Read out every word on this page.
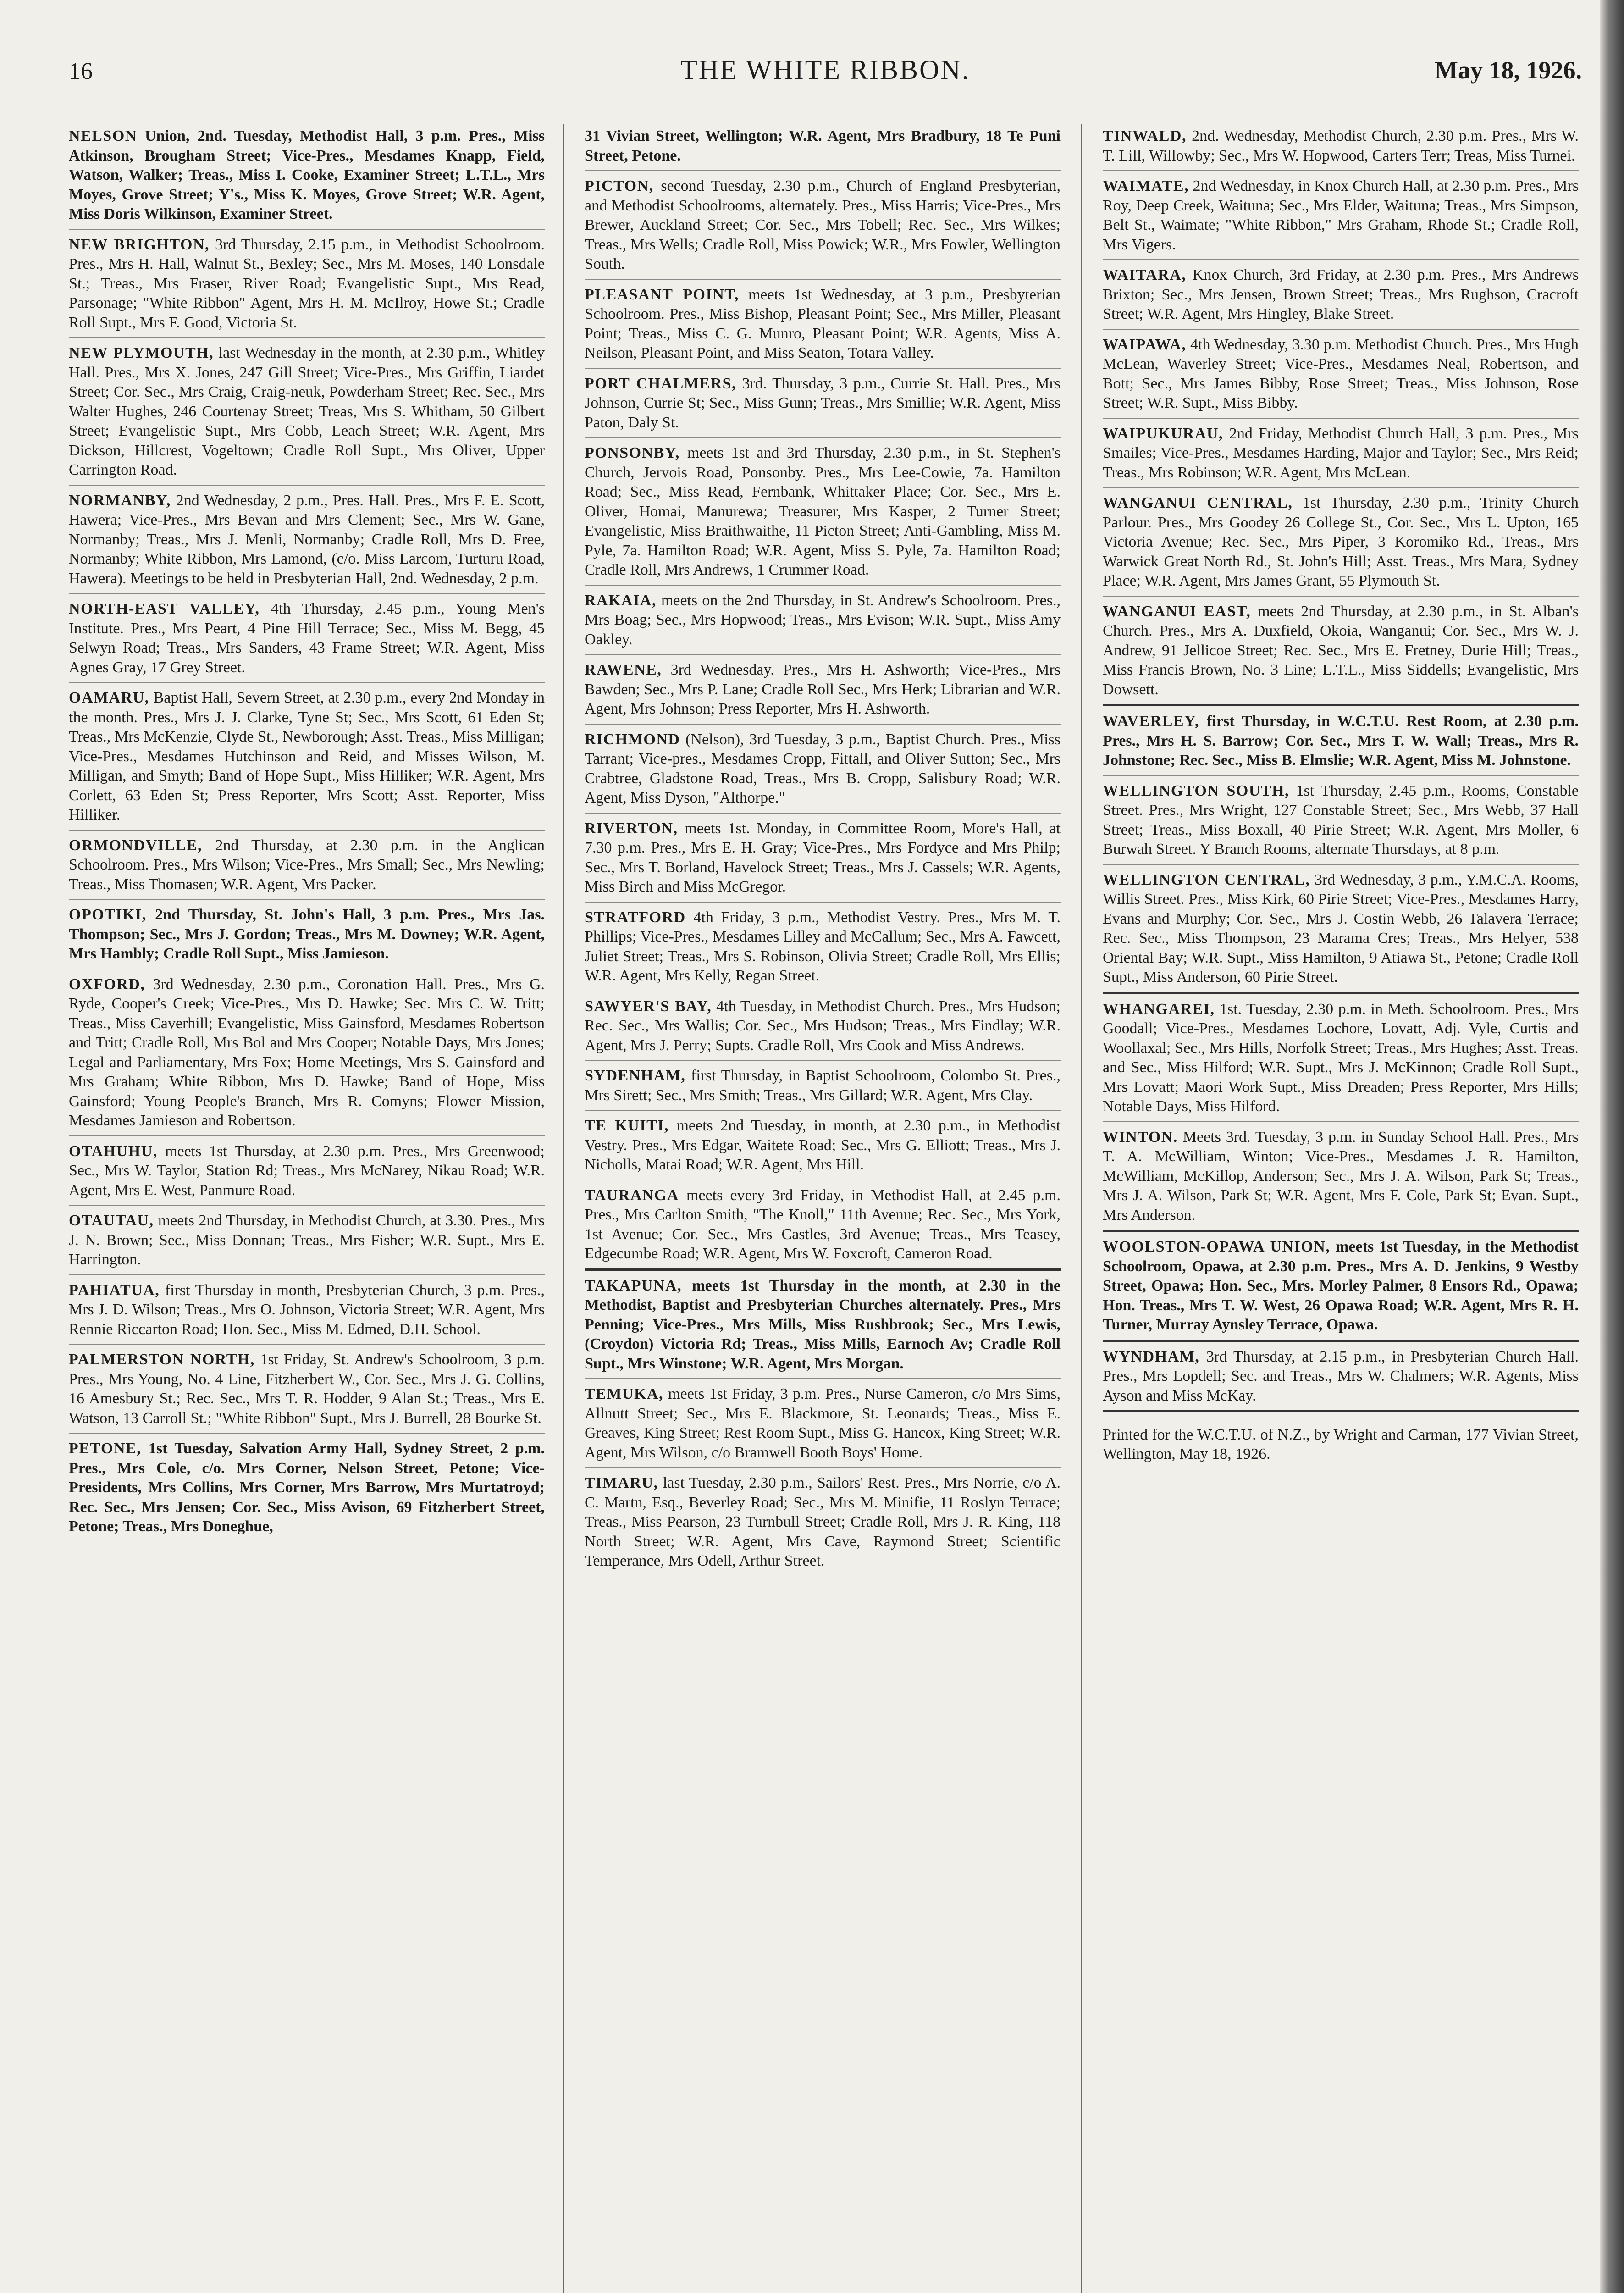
16	THE WHITE RIBBON.	May 18, 1926.
NELSON Union, 2nd. Tuesday, Methodist Hall, 3 p.m. Pres., Miss Atkinson, Brougham Street; Vice-Pres., Mesdames Knapp, Field, Watson, Walker; Treas., Miss I. Cooke, Examiner Street; L.T.L., Mrs Moyes, Grove Street; Y's., Miss K. Moyes, Grove Street; W.R. Agent, Miss Doris Wilkinson, Examiner Street.
NEW BRIGHTON, 3rd Thursday, 2.15 p.m., in Methodist Schoolroom. Pres., Mrs H. Hall, Walnut St., Bexley; Sec., Mrs M. Moses, 140 Lonsdale St.; Treas., Mrs Fraser, River Road; Evangelistic Supt., Mrs Read, Parsonage; "White Ribbon" Agent, Mrs H. M. McIlroy, Howe St.; Cradle Roll Supt., Mrs F. Good, Victoria St.
NEW PLYMOUTH, last Wednesday in the month, at 2.30 p.m., Whitley Hall. Pres., Mrs X. Jones, 247 Gill Street; Vice-Pres., Mrs Griffin, Liardet Street; Cor. Sec., Mrs Craig, Craig-neuk, Powderham Street; Rec. Sec., Mrs Walter Hughes, 246 Courtenay Street; Treas, Mrs S. Whitham, 50 Gilbert Street; Evangelistic Supt., Mrs Cobb, Leach Street; W.R. Agent, Mrs Dickson, Hillcrest, Vogeltown; Cradle Roll Supt., Mrs Oliver, Upper Carrington Road.
NORMANBY, 2nd Wednesday, 2 p.m., Pres. Hall. Pres., Mrs F. E. Scott, Hawera; Vice-Pres., Mrs Bevan and Mrs Clement; Sec., Mrs W. Gane, Normanby; Treas., Mrs J. Menli, Normanby; Cradle Roll, Mrs D. Free, Normanby; White Ribbon, Mrs Lamond, (c/o. Miss Larcom, Turturu Road, Hawera). Meetings to be held in Presbyterian Hall, 2nd. Wednesday, 2 p.m.
NORTH-EAST VALLEY, 4th Thursday, 2.45 p.m., Young Men's Institute. Pres., Mrs Peart, 4 Pine Hill Terrace; Sec., Miss M. Begg, 45 Selwyn Road; Treas., Mrs Sanders, 43 Frame Street; W.R. Agent, Miss Agnes Gray, 17 Grey Street.
OAMARU, Baptist Hall, Severn Street, at 2.30 p.m., every 2nd Monday in the month. Pres., Mrs J. J. Clarke, Tyne St; Sec., Mrs Scott, 61 Eden St; Treas., Mrs McKenzie, Clyde St., Newborough; Asst. Treas., Miss Milligan; Vice-Pres., Mesdames Hutchinson and Reid, and Misses Wilson, M. Milligan, and Smyth; Band of Hope Supt., Miss Hilliker; W.R. Agent, Mrs Corlett, 63 Eden St; Press Reporter, Mrs Scott; Asst. Reporter, Miss Hilliker.
ORMONDVILLE, 2nd Thursday, at 2.30 p.m. in the Anglican Schoolroom. Pres., Mrs Wilson; Vice-Pres., Mrs Small; Sec., Mrs Newling; Treas., Miss Thomasen; W.R. Agent, Mrs Packer.
OPOTIKI, 2nd Thursday, St. John's Hall, 3 p.m. Pres., Mrs Jas. Thompson; Sec., Mrs J. Gordon; Treas., Mrs M. Downey; W.R. Agent, Mrs Hambly; Cradle Roll Supt., Miss Jamieson.
OXFORD, 3rd Wednesday, 2.30 p.m., Coronation Hall. Pres., Mrs G. Ryde, Cooper's Creek; Vice-Pres., Mrs D. Hawke; Sec. Mrs C. W. Tritt; Treas., Miss Caverhill; Evangelistic, Miss Gainsford, Mesdames Robertson and Tritt; Cradle Roll, Mrs Bol and Mrs Cooper; Notable Days, Mrs Jones; Legal and Parliamentary, Mrs Fox; Home Meetings, Mrs S. Gainsford and Mrs Graham; White Ribbon, Mrs D. Hawke; Band of Hope, Miss Gainsford; Young People's Branch, Mrs R. Comyns; Flower Mission, Mesdames Jamieson and Robertson.
OTAHUHU, meets 1st Thursday, at 2.30 p.m. Pres., Mrs Greenwood; Sec., Mrs W. Taylor, Station Rd; Treas., Mrs McNarey, Nikau Road; W.R. Agent, Mrs E. West, Panmure Road.
OTAUTAU, meets 2nd Thursday, in Methodist Church, at 3.30. Pres., Mrs J. N. Brown; Sec., Miss Donnan; Treas., Mrs Fisher; W.R. Supt., Mrs E. Harrington.
PAHIATUA, first Thursday in month, Presbyterian Church, 3 p.m. Pres., Mrs J. D. Wilson; Treas., Mrs O. Johnson, Victoria Street; W.R. Agent, Mrs Rennie Riccarton Road; Hon. Sec., Miss M. Edmed, D.H. School.
PALMERSTON NORTH, 1st Friday, St. Andrew's Schoolroom, 3 p.m. Pres., Mrs Young, No. 4 Line, Fitzherbert W., Cor. Sec., Mrs J. G. Collins, 16 Amesbury St.; Rec. Sec., Mrs T. R. Hodder, 9 Alan St.; Treas., Mrs E. Watson, 13 Carroll St.; "White Ribbon" Supt., Mrs J. Burrell, 28 Bourke St.
PETONE, 1st Tuesday, Salvation Army Hall, Sydney Street, 2 p.m. Pres., Mrs Cole, c/o. Mrs Corner, Nelson Street, Petone; Vice-Presidents, Mrs Collins, Mrs Corner, Mrs Barrow, Mrs Murtatroyd; Rec. Sec., Mrs Jensen; Cor. Sec., Miss Avison, 69 Fitzherbert Street, Petone; Treas., Mrs Doneghue,
31 Vivian Street, Wellington; W.R. Agent, Mrs Bradbury, 18 Te Puni Street, Petone.
PICTON, second Tuesday, 2.30 p.m., Church of England Presbyterian, and Methodist Schoolrooms, alternately. Pres., Miss Harris; Vice-Pres., Mrs Brewer, Auckland Street; Cor. Sec., Mrs Tobell; Rec. Sec., Mrs Wilkes; Treas., Mrs Wells; Cradle Roll, Miss Powick; W.R., Mrs Fowler, Wellington South.
PLEASANT POINT, meets 1st Wednesday, at 3 p.m., Presbyterian Schoolroom. Pres., Miss Bishop, Pleasant Point; Sec., Mrs Miller, Pleasant Point; Treas., Miss C. G. Munro, Pleasant Point; W.R. Agents, Miss A. Neilson, Pleasant Point, and Miss Seaton, Totara Valley.
PORT CHALMERS, 3rd. Thursday, 3 p.m., Currie St. Hall. Pres., Mrs Johnson, Currie St; Sec., Miss Gunn; Treas., Mrs Smillie; W.R. Agent, Miss Paton, Daly St.
PONSONBY, meets 1st and 3rd Thursday, 2.30 p.m., in St. Stephen's Church, Jervois Road, Ponsonby. Pres., Mrs Lee-Cowie, 7a. Hamilton Road; Sec., Miss Read, Fernbank, Whittaker Place; Cor. Sec., Mrs E. Oliver, Homai, Manurewa; Treasurer, Mrs Kasper, 2 Turner Street; Evangelistic, Miss Braithwaithe, 11 Picton Street; Anti-Gambling, Miss M. Pyle, 7a. Hamilton Road; W.R. Agent, Miss S. Pyle, 7a. Hamilton Road; Cradle Roll, Mrs Andrews, 1 Crummer Road.
RAKAIA, meets on the 2nd Thursday, in St. Andrew's Schoolroom. Pres., Mrs Boag; Sec., Mrs Hopwood; Treas., Mrs Evison; W.R. Supt., Miss Amy Oakley.
RAWENE, 3rd Wednesday. Pres., Mrs H. Ashworth; Vice-Pres., Mrs Bawden; Sec., Mrs P. Lane; Cradle Roll Sec., Mrs Herk; Librarian and W.R. Agent, Mrs Johnson; Press Reporter, Mrs H. Ashworth.
RICHMOND (Nelson), 3rd Tuesday, 3 p.m., Baptist Church. Pres., Miss Tarrant; Vice-pres., Mesdames Cropp, Fittall, and Oliver Sutton; Sec., Mrs Crabtree, Gladstone Road, Treas., Mrs B. Cropp, Salisbury Road; W.R. Agent, Miss Dyson, "Althorpe."
RIVERTON, meets 1st. Monday, in Committee Room, More's Hall, at 7.30 p.m. Pres., Mrs E. H. Gray; Vice-Pres., Mrs Fordyce and Mrs Philp; Sec., Mrs T. Borland, Havelock Street; Treas., Mrs J. Cassels; W.R. Agents, Miss Birch and Miss McGregor.
STRATFORD 4th Friday, 3 p.m., Methodist Vestry. Pres., Mrs M. T. Phillips; Vice-Pres., Mesdames Lilley and McCallum; Sec., Mrs A. Fawcett, Juliet Street; Treas., Mrs S. Robinson, Olivia Street; Cradle Roll, Mrs Ellis; W.R. Agent, Mrs Kelly, Regan Street.
SAWYER'S BAY, 4th Tuesday, in Methodist Church. Pres., Mrs Hudson; Rec. Sec., Mrs Wallis; Cor. Sec., Mrs Hudson; Treas., Mrs Findlay; W.R. Agent, Mrs J. Perry; Supts. Cradle Roll, Mrs Cook and Miss Andrews.
SYDENHAM, first Thursday, in Baptist Schoolroom, Colombo St. Pres., Mrs Sirett; Sec., Mrs Smith; Treas., Mrs Gillard; W.R. Agent, Mrs Clay.
TE KUITI, meets 2nd Tuesday, in month, at 2.30 p.m., in Methodist Vestry. Pres., Mrs Edgar, Waitete Road; Sec., Mrs G. Elliott; Treas., Mrs J. Nicholls, Matai Road; W.R. Agent, Mrs Hill.
TAURANGA meets every 3rd Friday, in Methodist Hall, at 2.45 p.m. Pres., Mrs Carlton Smith, "The Knoll," 11th Avenue; Rec. Sec., Mrs York, 1st Avenue; Cor. Sec., Mrs Castles, 3rd Avenue; Treas., Mrs Teasey, Edgecumbe Road; W.R. Agent, Mrs W. Foxcroft, Cameron Road.
TAKAPUNA, meets 1st Thursday in the month, at 2.30 in the Methodist, Baptist and Presbyterian Churches alternately. Pres., Mrs Penning; Vice-Pres., Mrs Mills, Miss Rushbrook; Sec., Mrs Lewis, (Croydon) Victoria Rd; Treas., Miss Mills, Earnoch Av; Cradle Roll Supt., Mrs Winstone; W.R. Agent, Mrs Morgan.
TEMUKA, meets 1st Friday, 3 p.m. Pres., Nurse Cameron, c/o Mrs Sims, Allnutt Street; Sec., Mrs E. Blackmore, St. Leonards; Treas., Miss E. Greaves, King Street; Rest Room Supt., Miss G. Hancox, King Street; W.R. Agent, Mrs Wilson, c/o Bramwell Booth Boys' Home.
TIMARU, last Tuesday, 2.30 p.m., Sailors' Rest. Pres., Mrs Norrie, c/o A. C. Martn, Esq., Beverley Road; Sec., Mrs M. Minifie, 11 Roslyn Terrace; Treas., Miss Pearson, 23 Turnbull Street; Cradle Roll, Mrs J. R. King, 118 North Street; W.R. Agent, Mrs Cave, Raymond Street; Scientific Temperance, Mrs Odell, Arthur Street.
TINWALD, 2nd. Wednesday, Methodist Church, 2.30 p.m. Pres., Mrs W. T. Lill, Willowby; Sec., Mrs W. Hopwood, Carters Terr; Treas, Miss Turnei.
WAIMATE, 2nd Wednesday, in Knox Church Hall, at 2.30 p.m. Pres., Mrs Roy, Deep Creek, Waituna; Sec., Mrs Elder, Waituna; Treas., Mrs Simpson, Belt St., Waimate; "White Ribbon," Mrs Graham, Rhode St.; Cradle Roll, Mrs Vigers.
WAITARA, Knox Church, 3rd Friday, at 2.30 p.m. Pres., Mrs Andrews Brixton; Sec., Mrs Jensen, Brown Street; Treas., Mrs Rughson, Cracroft Street; W.R. Agent, Mrs Hingley, Blake Street.
WAIPAWA, 4th Wednesday, 3.30 p.m. Methodist Church. Pres., Mrs Hugh McLean, Waverley Street; Vice-Pres., Mesdames Neal, Robertson, and Bott; Sec., Mrs James Bibby, Rose Street; Treas., Miss Johnson, Rose Street; W.R. Supt., Miss Bibby.
WAIPUKURAU, 2nd Friday, Methodist Church Hall, 3 p.m. Pres., Mrs Smailes; Vice-Pres., Mesdames Harding, Major and Taylor; Sec., Mrs Reid; Treas., Mrs Robinson; W.R. Agent, Mrs McLean.
WANGANUI CENTRAL, 1st Thursday, 2.30 p.m., Trinity Church Parlour. Pres., Mrs Goodey 26 College St., Cor. Sec., Mrs L. Upton, 165 Victoria Avenue; Rec. Sec., Mrs Piper, 3 Koromiko Rd., Treas., Mrs Warwick Great North Rd., St. John's Hill; Asst. Treas., Mrs Mara, Sydney Place; W.R. Agent, Mrs James Grant, 55 Plymouth St.
WANGANUI EAST, meets 2nd Thursday, at 2.30 p.m., in St. Alban's Church. Pres., Mrs A. Duxfield, Okoia, Wanganui; Cor. Sec., Mrs W. J. Andrew, 91 Jellicoe Street; Rec. Sec., Mrs E. Fretney, Durie Hill; Treas., Miss Francis Brown, No. 3 Line; L.T.L., Miss Siddells; Evangelistic, Mrs Dowsett.
WAVERLEY, first Thursday, in W.C.T.U. Rest Room, at 2.30 p.m. Pres., Mrs H. S. Barrow; Cor. Sec., Mrs T. W. Wall; Treas., Mrs R. Johnstone; Rec. Sec., Miss B. Elmslie; W.R. Agent, Miss M. Johnstone.
WELLINGTON SOUTH, 1st Thursday, 2.45 p.m., Rooms, Constable Street. Pres., Mrs Wright, 127 Constable Street; Sec., Mrs Webb, 37 Hall Street; Treas., Miss Boxall, 40 Pirie Street; W.R. Agent, Mrs Moller, 6 Burwah Street. Y Branch Rooms, alternate Thursdays, at 8 p.m.
WELLINGTON CENTRAL, 3rd Wednesday, 3 p.m., Y.M.C.A. Rooms, Willis Street. Pres., Miss Kirk, 60 Pirie Street; Vice-Pres., Mesdames Harry, Evans and Murphy; Cor. Sec., Mrs J. Costin Webb, 26 Talavera Terrace; Rec. Sec., Miss Thompson, 23 Marama Cres; Treas., Mrs Helyer, 538 Oriental Bay; W.R. Supt., Miss Hamilton, 9 Atiawa St., Petone; Cradle Roll Supt., Miss Anderson, 60 Pirie Street.
WHANGAREI, 1st. Tuesday, 2.30 p.m. in Meth. Schoolroom. Pres., Mrs Goodall; Vice-Pres., Mesdames Lochore, Lovatt, Adj. Vyle, Curtis and Woollaxal; Sec., Mrs Hills, Norfolk Street; Treas., Mrs Hughes; Asst. Treas. and Sec., Miss Hilford; W.R. Supt., Mrs J. McKinnon; Cradle Roll Supt., Mrs Lovatt; Maori Work Supt., Miss Dreaden; Press Reporter, Mrs Hills; Notable Days, Miss Hilford.
WINTON. Meets 3rd. Tuesday, 3 p.m. in Sunday School Hall. Pres., Mrs T. A. McWilliam, Winton; Vice-Pres., Mesdames J. R. Hamilton, McWilliam, McKillop, Anderson; Sec., Mrs J. A. Wilson, Park St; Treas., Mrs J. A. Wilson, Park St; W.R. Agent, Mrs F. Cole, Park St; Evan. Supt., Mrs Anderson.
WOOLSTON-OPAWA UNION, meets 1st Tuesday, in the Methodist Schoolroom, Opawa, at 2.30 p.m. Pres., Mrs A. D. Jenkins, 9 Westby Street, Opawa; Hon. Sec., Mrs. Morley Palmer, 8 Ensors Rd., Opawa; Hon. Treas., Mrs T. W. West, 26 Opawa Road; W.R. Agent, Mrs R. H. Turner, Murray Aynsley Terrace, Opawa.
WYNDHAM, 3rd Thursday, at 2.15 p.m., in Presbyterian Church Hall. Pres., Mrs Lopdell; Sec. and Treas., Mrs W. Chalmers; W.R. Agents, Miss Ayson and Miss McKay.
Printed for the W.C.T.U. of N.Z., by Wright and Carman, 177 Vivian Street, Wellington, May 18, 1926.
